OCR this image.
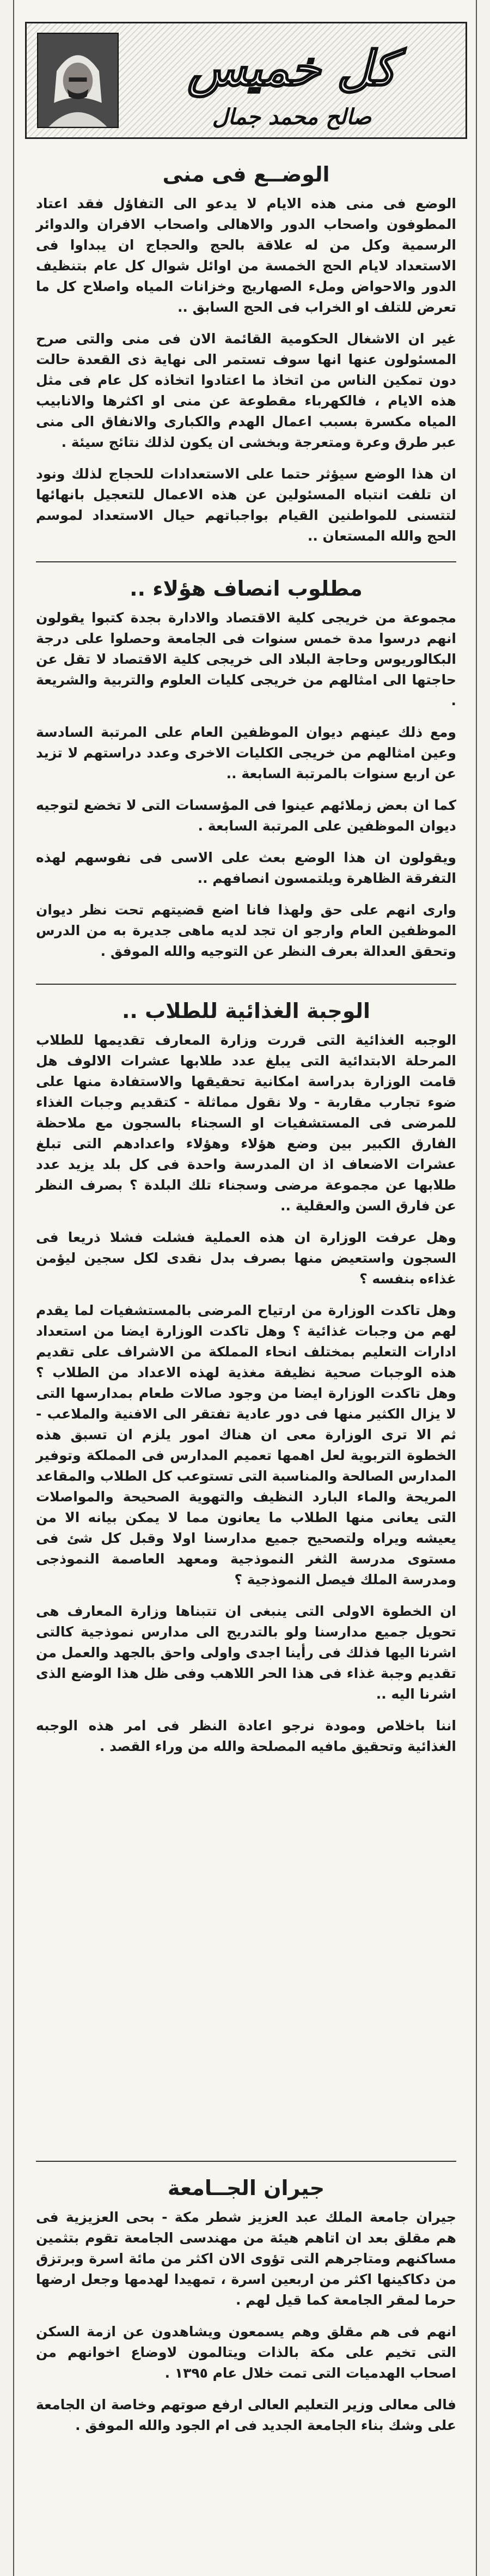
كل خميس
صالح محمد جمال
الوضــع فى منى

الوضع فى منى هذه الايام لا يدعو الى التفاؤل فقد اعتاد المطوفون واصحاب الدور والاهالى واصحاب الافران والدوائر الرسمية وكل من له علاقة بالحج والحجاج ان يبداوا فى الاستعداد لايام الحج الخمسة من اوائل شوال كل عام بتنظيف الدور والاحواض وملء الصهاريج وخزانات المياه واصلاح كل ما تعرض للتلف او الخراب فى الحج السابق ..

غير ان الاشغال الحكومية القائمة الان فى منى والتى صرح المسئولون عنها انها سوف تستمر الى نهاية ذى القعدة حالت دون تمكين الناس من اتخاذ ما اعتادوا اتخاذه كل عام فى مثل هذه الايام ، فالكهرباء مقطوعة عن منى او اكثرها والانابيب المياه مكسرة بسبب اعمال الهدم والكبارى والانفاق الى منى عبر طرق وعرة ومتعرجة وبخشى ان يكون لذلك نتائج سيئة .

ان هذا الوضع سيؤثر حتما على الاستعدادات للحجاج لذلك ونود ان تلفت انتباه المسئولين عن هذه الاعمال للتعجيل بانهائها لتتسنى للمواطنين القيام بواجباتهم حيال الاستعداد لموسم الحج والله المستعان ..

مطلوب انصاف هؤلاء ..

مجموعة من خريجى كلية الاقتصاد والادارة بجدة كتبوا يقولون انهم درسوا مدة خمس سنوات فى الجامعة وحصلوا على درجة البكالوريوس وحاجة البلاد الى خريجى كلية الاقتصاد لا تقل عن حاجتها الى امثالهم من خريجى كليات العلوم والتربية والشريعة .

ومع ذلك عينهم ديوان الموظفين العام على المرتبة السادسة وعين امثالهم من خريجى الكليات الاخرى وعدد دراستهم لا تزيد عن اربع سنوات بالمرتبة السابعة ..

كما ان بعض زملائهم عينوا فى المؤسسات التى لا تخضع لتوجيه ديوان الموظفين على المرتبة السابعة .

ويقولون ان هذا الوضع بعث على الاسى فى نفوسهم لهذه التفرقة الظاهرة ويلتمسون انصافهم ..

وارى انهم على حق ولهذا فانا اضع قضيتهم تحت نظر ديوان الموظفين العام وارجو ان تجد لديه ماهى جديرة به من الدرس وتحقق العدالة بعرف النظر عن التوجيه والله الموفق .

الوجبة الغذائية للطلاب ..

الوجبه الغذائية التى قررت وزارة المعارف تقديمها للطلاب المرحلة الابتدائية التى يبلغ عدد طلابها عشرات الالوف هل قامت الوزارة بدراسة امكانية تحقيقها والاستفادة منها على ضوء تجارب مقاربة - ولا نقول مماثلة - كتقديم وجبات الغذاء للمرضى فى المستشفيات او السجناء بالسجون مع ملاحظة الفارق الكبير بين وضع هؤلاء وهؤلاء واعدادهم التى تبلغ عشرات الاضعاف اذ ان المدرسة واحدة فى كل بلد يزيد عدد طلابها عن مجموعة مرضى وسجناء تلك البلدة ؟ بصرف النظر عن فارق السن والعقلية ..

وهل عرفت الوزارة ان هذه العملية فشلت فشلا ذريعا فى السجون واستعيض منها بصرف بدل نقدى لكل سجين ليؤمن غذاءه بنفسه ؟

وهل تاكدت الوزارة من ارتياح المرضى بالمستشفيات لما يقدم لهم من وجبات غذائية ؟ وهل تاكدت الوزارة ايضا من استعداد ادارات التعليم بمختلف انحاء المملكة من الاشراف على تقديم هذه الوجبات صحية نظيفة مغذية لهذه الاعداد من الطلاب ؟ وهل تاكدت الوزارة ايضا من وجود صالات طعام بمدارسها التى لا يزال الكثير منها فى دور عادية تفتقر الى الافنية والملاعب - ثم الا ترى الوزارة معى ان هناك امور يلزم ان تسبق هذه الخطوة التربوية لعل اهمها تعميم المدارس فى المملكة وتوفير المدارس الصالحة والمناسبة التى تستوعب كل الطلاب والمقاعد المريحة والماء البارد النظيف والتهوية الصحيحة والمواصلات التى يعانى منها الطلاب ما يعانون مما لا يمكن بيانه الا من يعيشه ويراه ولتصحيح جميع مدارسنا اولا وقبل كل شئ فى مستوى مدرسة الثغر النموذجية ومعهد العاصمة النموذجى ومدرسة الملك فيصل النموذجية ؟

ان الخطوة الاولى التى ينبغى ان تتبناها وزارة المعارف هى تحويل جميع مدارسنا ولو بالتدريج الى مدارس نموذجية كالتى اشرنا اليها فذلك فى رأينا اجدى واولى واحق بالجهد والعمل من تقديم وجبة غذاء فى هذا الحر اللاهب وفى ظل هذا الوضع الذى اشرنا اليه ..

اننا باخلاص ومودة نرجو اعادة النظر فى امر هذه الوجبه الغذائية وتحقيق مافيه المصلحة والله من وراء القصد .

جيران الجــامعة

جيران جامعة الملك عبد العزيز شطر مكة - بحى العزيزية فى هم مقلق بعد ان اتاهم هيئة من مهندسى الجامعة تقوم بتثمين مساكنهم ومتاجرهم التى تؤوى الان اكثر من مائة اسرة وبرتزق من دكاكينها اكثر من اربعين اسرة ، تمهيدا لهدمها وجعل ارضها حرما لمقر الجامعة كما قيل لهم .

انهم فى هم مقلق وهم يسمعون ويشاهدون عن ازمة السكن التى تخيم على مكة بالذات ويتالمون لاوضاع اخوانهم من اصحاب الهدميات التى تمت خلال عام ١٣٩٥ .

فالى معالى وزير التعليم العالى ارفع صوتهم وخاصة ان الجامعة على وشك بناء الجامعة الجديد فى ام الجود والله الموفق .
